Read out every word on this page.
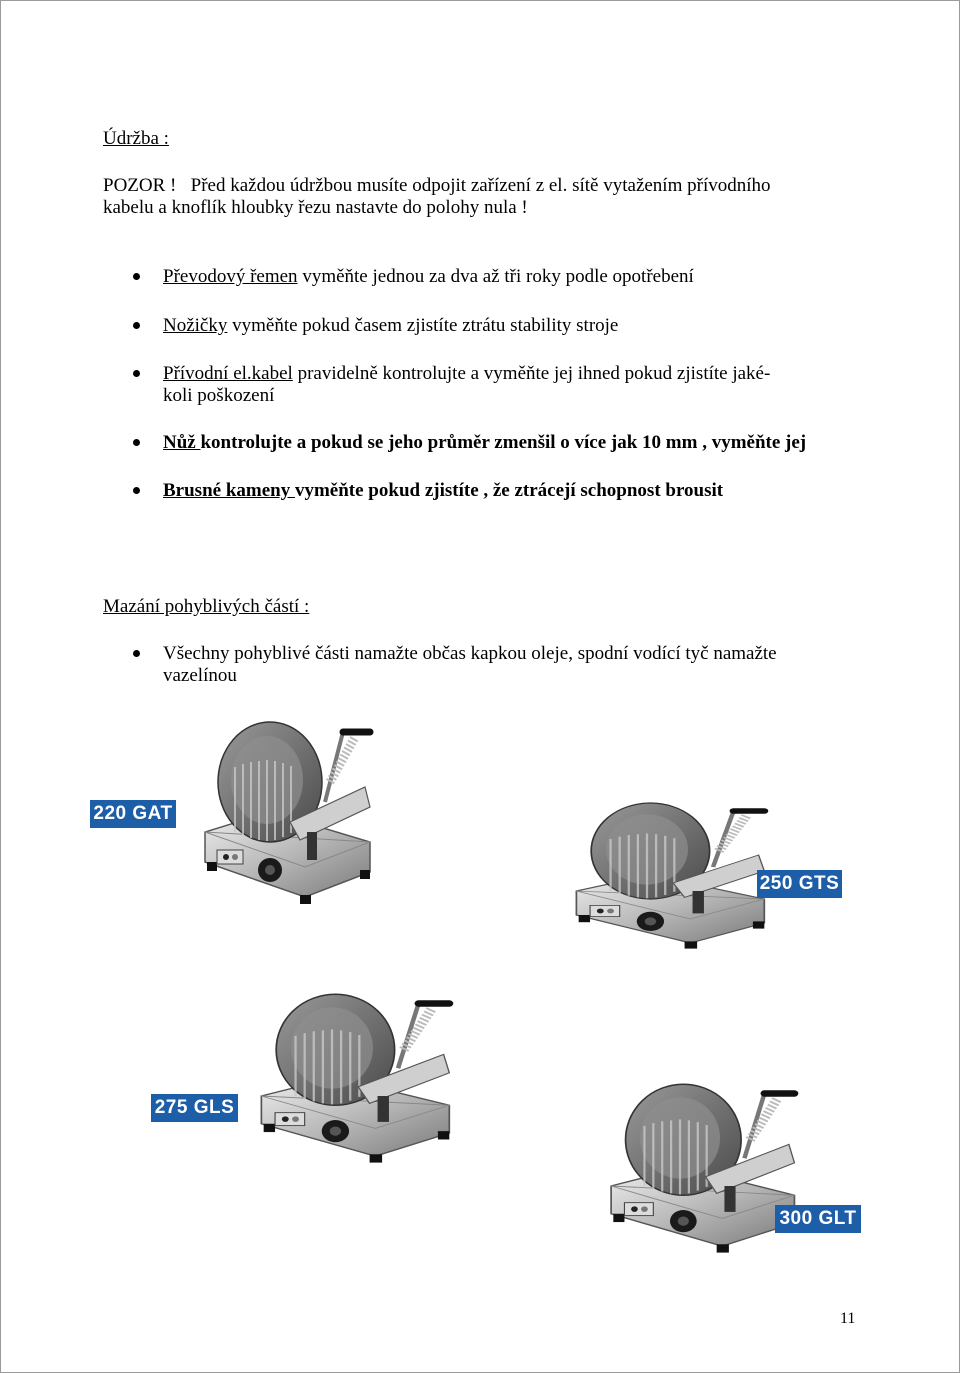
Údržba :
POZOR ! Před každou údržbou musíte odpojit zařízení z el. sítě vytažením přívodního
kabelu a knoflík hloubky řezu nastavte do polohy nula !
Převodový řemen vyměňte jednou za dva až tři roky podle opotřebení
Nožičky vyměňte pokud časem zjistíte ztrátu stability stroje
Přívodní el.kabel pravidelně kontrolujte a vyměňte jej ihned pokud zjistíte jaké-
koli poškození
Nůž kontrolujte a pokud se jeho průměr zmenšil o více jak 10 mm , vyměňte jej
Brusné kameny vyměňte pokud zjistíte , že ztrácejí schopnost brousit
Mazání pohyblivých částí :
Všechny pohyblivé části namažte občas kapkou oleje, spodní vodící tyč namažte
vazelínou
220 GAT
250 GTS
275 GLS
300 GLT
11
